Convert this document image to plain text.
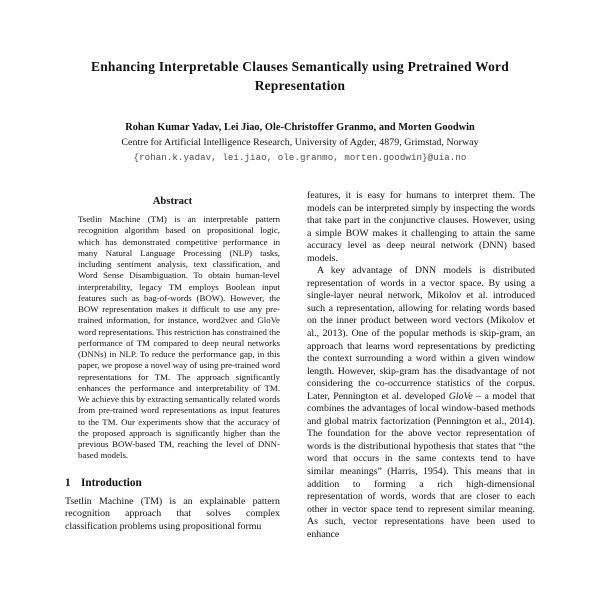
Enhancing Interpretable Clauses Semantically using Pretrained Word Representation
Rohan Kumar Yadav, Lei Jiao, Ole-Christoffer Granmo, and Morten Goodwin
Centre for Artificial Intelligence Research, University of Agder, 4879, Grimstad, Norway
{rohan.k.yadav, lei.jiao, ole.granmo, morten.goodwin}@uia.no
Abstract

Tsetlin Machine (TM) is an interpretable pattern recognition algorithm based on propositional logic, which has demonstrated competitive performance in many Natural Language Processing (NLP) tasks, including sentiment analysis, text classification, and Word Sense Disambiguation. To obtain human-level interpretability, legacy TM employs Boolean input features such as bag-of-words (BOW). However, the BOW representation makes it difficult to use any pre-trained information, for instance, word2vec and GloVe word representations. This restriction has constrained the performance of TM compared to deep neural networks (DNNs) in NLP. To reduce the performance gap, in this paper, we propose a novel way of using pre-trained word representations for TM. The approach significantly enhances the performance and interpretability of TM. We achieve this by extracting semantically related words from pre-trained word representations as input features to the TM. Our experiments show that the accuracy of the proposed approach is significantly higher than the previous BOW-based TM, reaching the level of DNN-based models.

1 Introduction

Tsetlin Machine (TM) is an explainable pattern recognition approach that solves complex classification problems using propositional formu

features, it is easy for humans to interpret them. The models can be interpreted simply by inspecting the words that take part in the conjunctive clauses. However, using a simple BOW makes it challenging to attain the same accuracy level as deep neural network (DNN) based models.

A key advantage of DNN models is distributed representation of words in a vector space. By using a single-layer neural network, Mikolov et al. introduced such a representation, allowing for relating words based on the inner product between word vectors (Mikolov et al., 2013). One of the popular methods is skip-gram, an approach that learns word representations by predicting the context surrounding a word within a given window length. However, skip-gram has the disadvantage of not considering the co-occurrence statistics of the corpus. Later, Pennington et al. developed GloVe – a model that combines the advantages of local window-based methods and global matrix factorization (Pennington et al., 2014). The foundation for the above vector representation of words is the distributional hypothesis that states that “the word that occurs in the same contexts tend to have similar meanings” (Harris, 1954). This means that in addition to forming a rich high-dimensional representation of words, words that are closer to each other in vector space tend to represent similar meaning. As such, vector representations have been used to enhance
